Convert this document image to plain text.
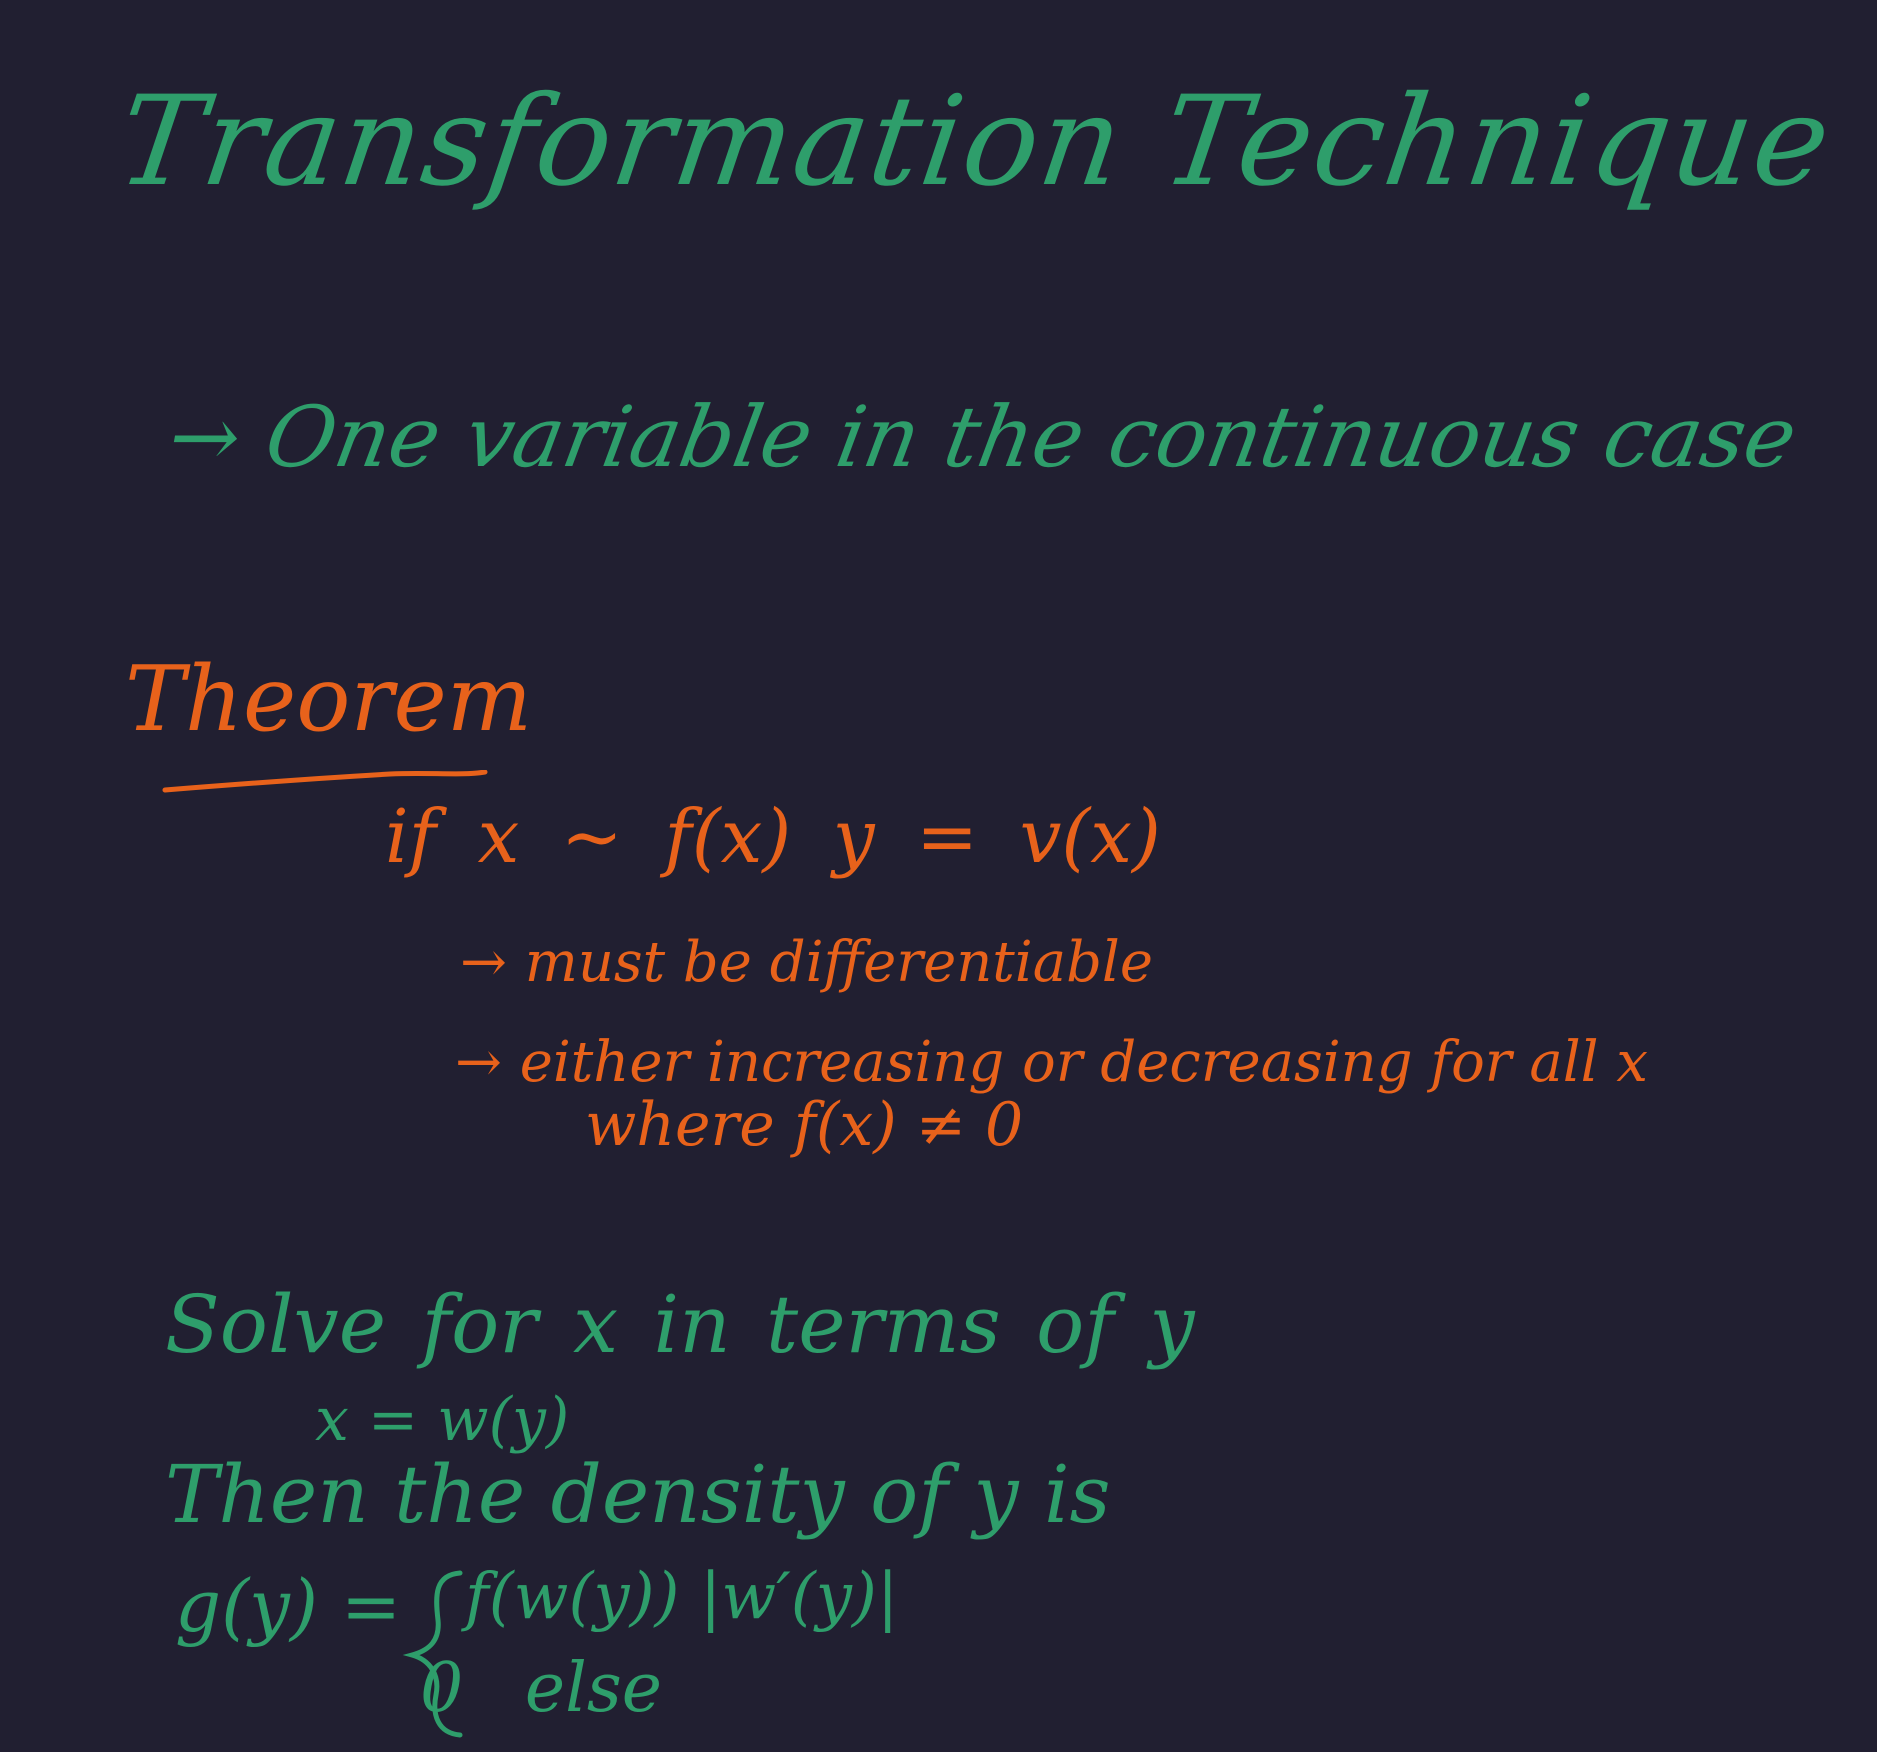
Transformation Technique
→ One variable in the continuous case
Theorem
if x ~ f(x) y = v(x)
→ must be differentiable
→ either increasing or decreasing for all x
where f(x) ≠ 0
Solve for x in terms of y
x = w(y)
Then the density of y is
g(y) = f(w(y)) |w′(y)|
0 else
